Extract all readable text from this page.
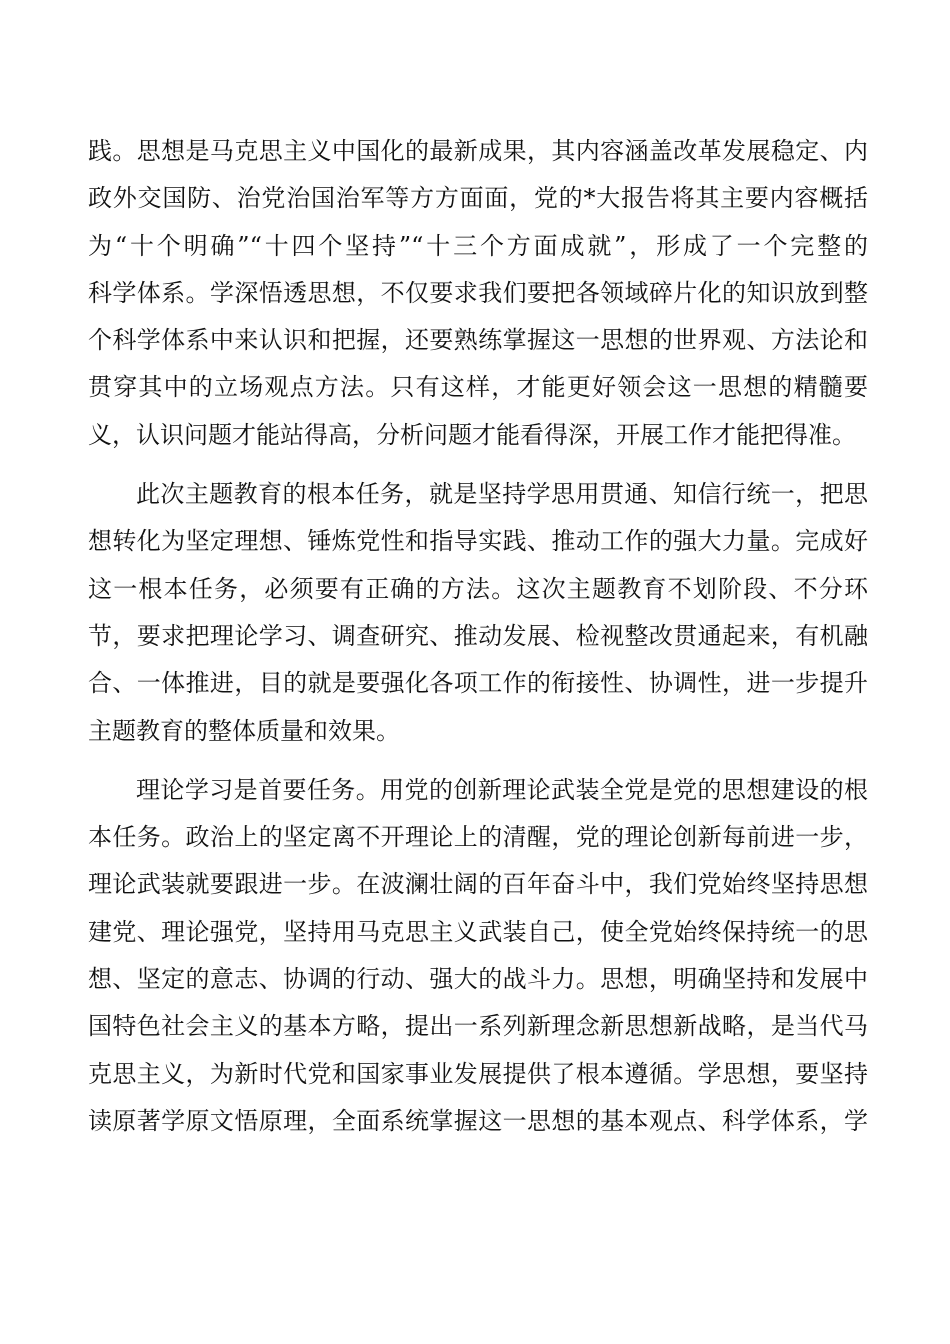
践。思想是马克思主义中国化的最新成果，其内容涵盖改革发展稳定、内
政外交国防、治党治国治军等方方面面，党的*大报告将其主要内容概括
为“十个明确”“十四个坚持”“十三个方面成就”，形成了一个完整的
科学体系。学深悟透思想，不仅要求我们要把各领域碎片化的知识放到整
个科学体系中来认识和把握，还要熟练掌握这一思想的世界观、方法论和
贯穿其中的立场观点方法。只有这样，才能更好领会这一思想的精髓要
义，认识问题才能站得高，分析问题才能看得深，开展工作才能把得准。
此次主题教育的根本任务，就是坚持学思用贯通、知信行统一，把思
想转化为坚定理想、锤炼党性和指导实践、推动工作的强大力量。完成好
这一根本任务，必须要有正确的方法。这次主题教育不划阶段、不分环
节，要求把理论学习、调查研究、推动发展、检视整改贯通起来，有机融
合、一体推进，目的就是要强化各项工作的衔接性、协调性，进一步提升
主题教育的整体质量和效果。
理论学习是首要任务。用党的创新理论武装全党是党的思想建设的根
本任务。政治上的坚定离不开理论上的清醒，党的理论创新每前进一步，
理论武装就要跟进一步。在波澜壮阔的百年奋斗中，我们党始终坚持思想
建党、理论强党，坚持用马克思主义武装自己，使全党始终保持统一的思
想、坚定的意志、协调的行动、强大的战斗力。思想，明确坚持和发展中
国特色社会主义的基本方略，提出一系列新理念新思想新战略，是当代马
克思主义，为新时代党和国家事业发展提供了根本遵循。学思想，要坚持
读原著学原文悟原理，全面系统掌握这一思想的基本观点、科学体系，学
